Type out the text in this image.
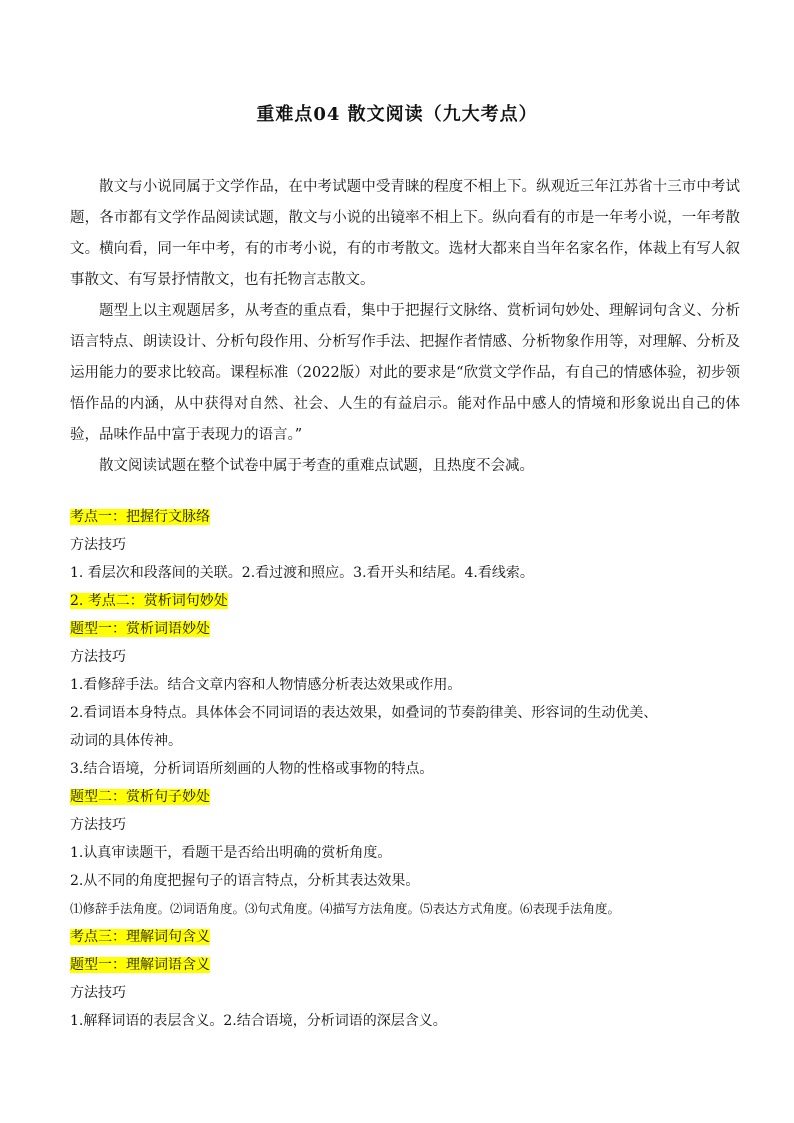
重难点04 散文阅读（九大考点）

散文与小说同属于文学作品，在中考试题中受青睐的程度不相上下。纵观近三年江苏省十三市中考试题，各市都有文学作品阅读试题，散文与小说的出镜率不相上下。纵向看有的市是一年考小说，一年考散文。横向看，同一年中考，有的市考小说，有的市考散文。选材大都来自当年名家名作，体裁上有写人叙事散文、有写景抒情散文，也有托物言志散文。

题型上以主观题居多，从考查的重点看，集中于把握行文脉络、赏析词句妙处、理解词句含义、分析语言特点、朗读设计、分析句段作用、分析写作手法、把握作者情感、分析物象作用等，对理解、分析及运用能力的要求比较高。课程标准（2022版）对此的要求是“欣赏文学作品，有自己的情感体验，初步领悟作品的内涵，从中获得对自然、社会、人生的有益启示。能对作品中感人的情境和形象说出自己的体验，品味作品中富于表现力的语言。”

散文阅读试题在整个试卷中属于考查的重难点试题，且热度不会减。

考点一：把握行文脉络
方法技巧
1. 看层次和段落间的关联。2.看过渡和照应。3.看开头和结尾。4.看线索。
2. 考点二：赏析词句妙处
题型一：赏析词语妙处
方法技巧
1.看修辞手法。结合文章内容和人物情感分析表达效果或作用。
2.看词语本身特点。具体体会不同词语的表达效果，如叠词的节奏韵律美、形容词的生动优美、
动词的具体传神。
3.结合语境，分析词语所刻画的人物的性格或事物的特点。
题型二：赏析句子妙处
方法技巧
1.认真审读题干，看题干是否给出明确的赏析角度。
2.从不同的角度把握句子的语言特点，分析其表达效果。
⑴修辞手法角度。⑵词语角度。⑶句式角度。⑷描写方法角度。⑸表达方式角度。⑹表现手法角度。
考点三：理解词句含义
题型一：理解词语含义
方法技巧
1.解释词语的表层含义。2.结合语境，分析词语的深层含义。
